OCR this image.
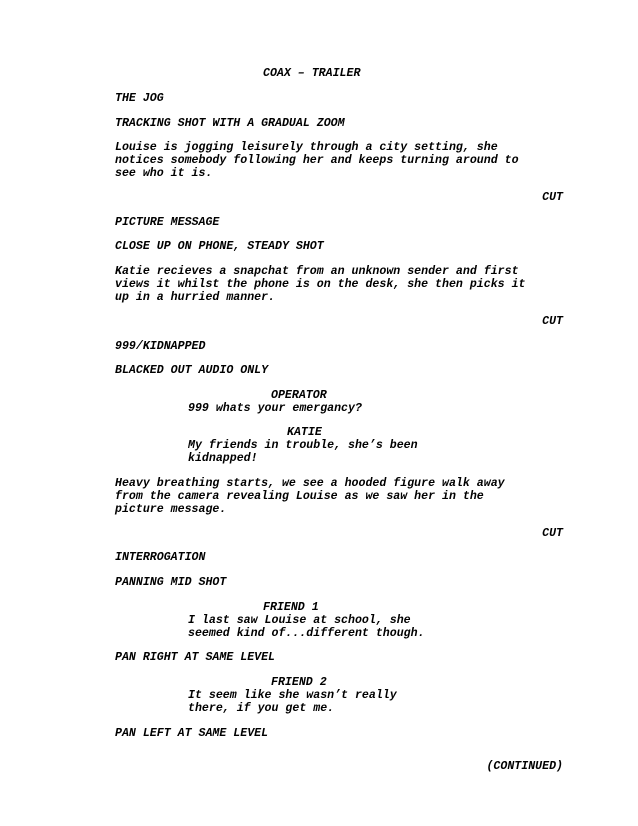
COAX – TRAILER
THE JOG
TRACKING SHOT WITH A GRADUAL ZOOM
Louise is jogging leisurely through a city setting, she
notices somebody following her and keeps turning around to
see who it is.
CUT
PICTURE MESSAGE
CLOSE UP ON PHONE, STEADY SHOT
Katie recieves a snapchat from an unknown sender and first
views it whilst the phone is on the desk, she then picks it
up in a hurried manner.
CUT
999/KIDNAPPED
BLACKED OUT AUDIO ONLY
OPERATOR
999 whats your emergancy?
KATIE
My friends in trouble, she’s been
kidnapped!
Heavy breathing starts, we see a hooded figure walk away
from the camera revealing Louise as we saw her in the
picture message.
CUT
INTERROGATION
PANNING MID SHOT
FRIEND 1
I last saw Louise at school, she
seemed kind of...different though.
PAN RIGHT AT SAME LEVEL
FRIEND 2
It seem like she wasn’t really
there, if you get me.
PAN LEFT AT SAME LEVEL
(CONTINUED)
